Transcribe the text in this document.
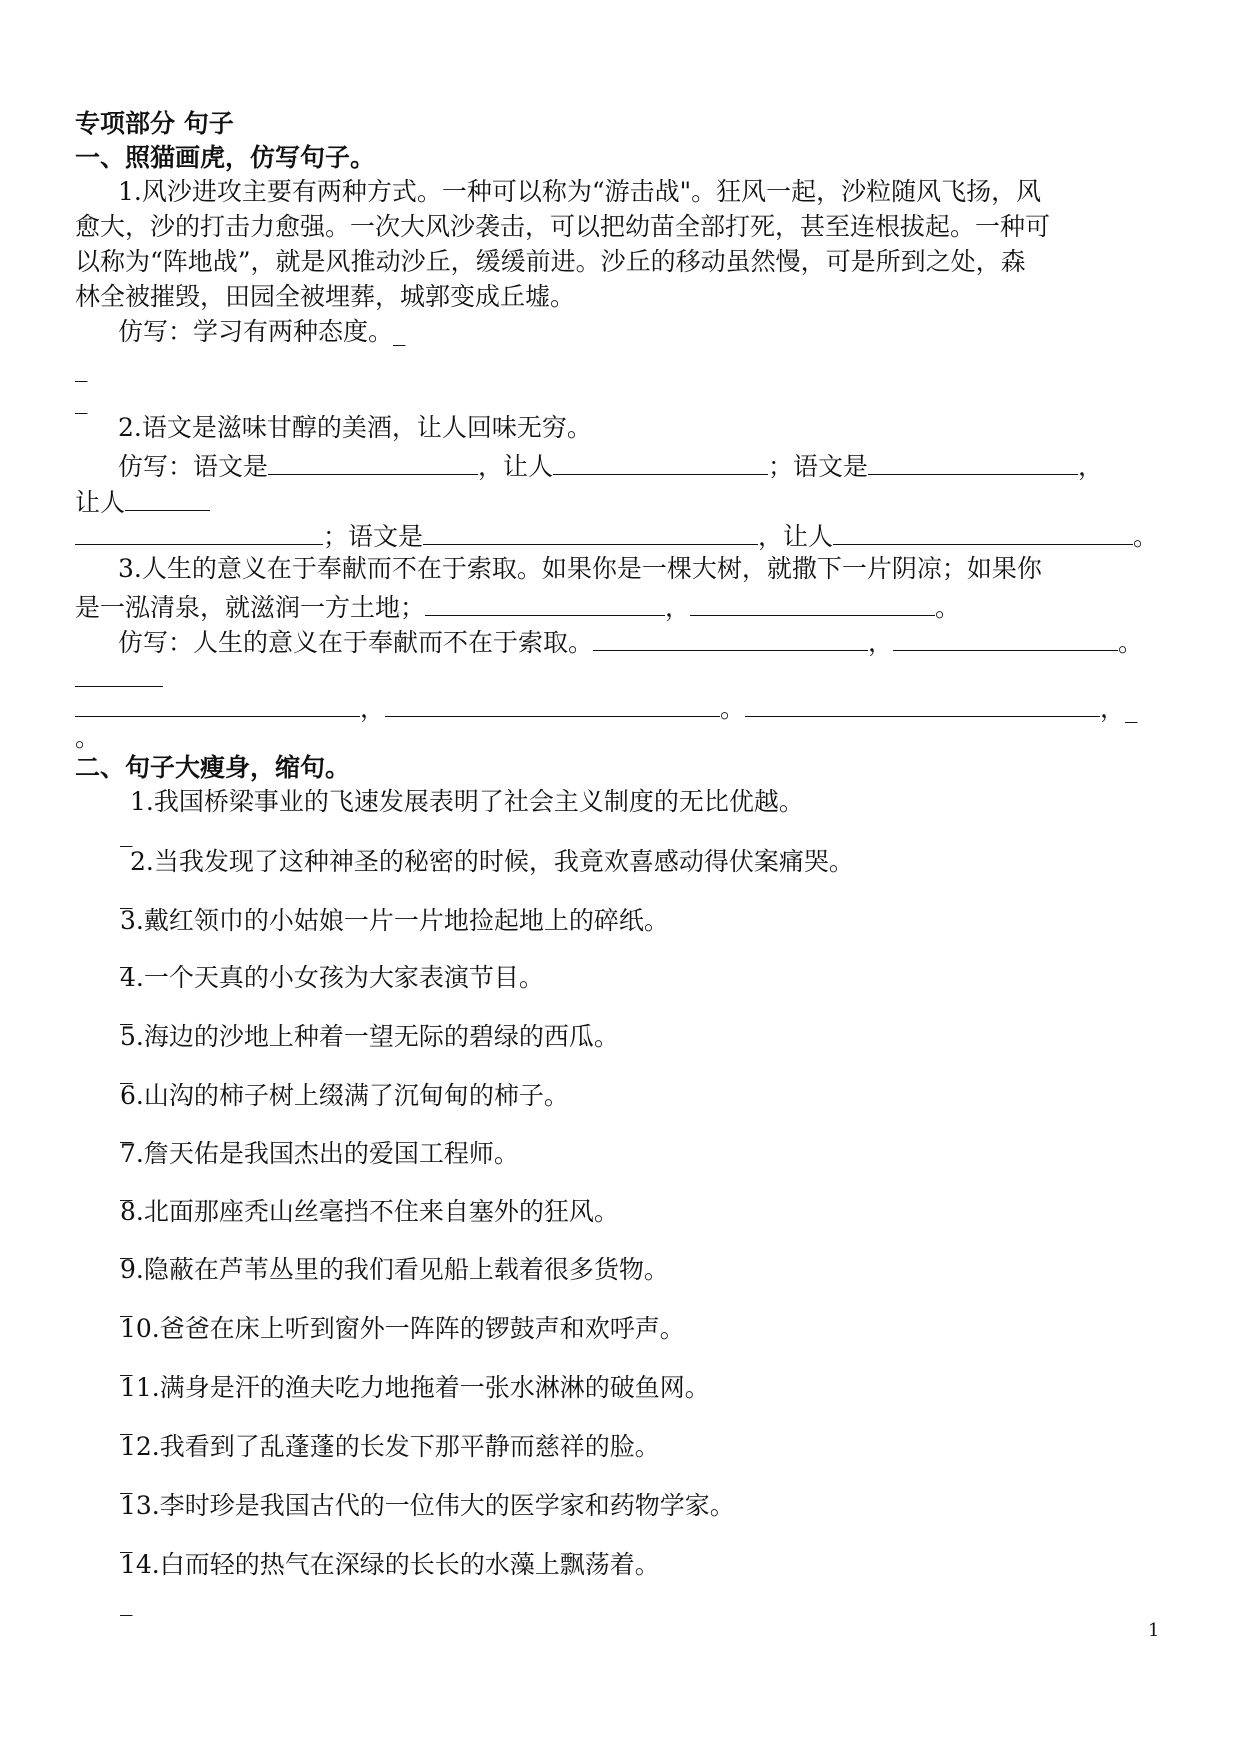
专项部分 句子
一、照猫画虎，仿写句子。
1.风沙进攻主要有两种方式。一种可以称为“游击战"。狂风一起，沙粒随风飞扬，风
愈大，沙的打击力愈强。一次大风沙袭击，可以把幼苗全部打死，甚至连根拔起。一种可
以称为“阵地战”，就是风推动沙丘，缓缓前进。沙丘的移动虽然慢，可是所到之处，森
林全被摧毁，田园全被埋葬，城郭变成丘墟。
仿写：学习有两种态度。_
_
_
2.语文是滋味甘醇的美酒，让人回味无穷。
仿写：语文是	，让人	；语文是	，
让人
；语文是	，让人	。
3.人生的意义在于奉献而不在于索取。如果你是一棵大树，就撒下一片阴凉；如果你
是一泓清泉，就滋润一方土地；	，	。
仿写：人生的意义在于奉献而不在于索取。	，	。
，	。	，_
。
二、句子大瘦身，缩句。
1.我国桥梁事业的飞速发展表明了社会主义制度的无比优越。
_
2.当我发现了这种神圣的秘密的时候，我竟欢喜感动得伏案痛哭。
_
3.戴红领巾的小姑娘一片一片地捡起地上的碎纸。
_
4.一个天真的小女孩为大家表演节目。
_
5.海边的沙地上种着一望无际的碧绿的西瓜。
_
6.山沟的柿子树上缀满了沉甸甸的柿子。
_
7.詹天佑是我国杰出的爱国工程师。
_
8.北面那座秃山丝毫挡不住来自塞外的狂风。
_
9.隐蔽在芦苇丛里的我们看见船上载着很多货物。
_
10.爸爸在床上听到窗外一阵阵的锣鼓声和欢呼声。
_
11.满身是汗的渔夫吃力地拖着一张水淋淋的破鱼网。
_
12.我看到了乱蓬蓬的长发下那平静而慈祥的脸。
_
13.李时珍是我国古代的一位伟大的医学家和药物学家。
_
14.白而轻的热气在深绿的长长的水藻上飘荡着。
_
1
